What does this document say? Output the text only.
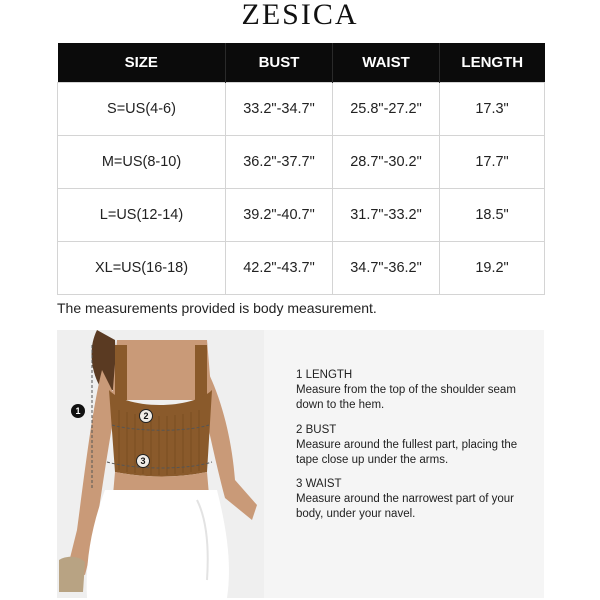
ZESICA
SIZE	BUST	WAIST	LENGTH
S=US(4-6)	33.2"-34.7"	25.8"-27.2"	17.3"
M=US(8-10)	36.2"-37.7"	28.7"-30.2"	17.7"
L=US(12-14)	39.2"-40.7"	31.7"-33.2"	18.5"
XL=US(16-18)	42.2"-43.7"	34.7"-36.2"	19.2"
The measurements provided is body measurement.
1	2
3
1 LENGTH
Measure from the top of the shoulder seam down to the hem.
2 BUST
Measure around the fullest part, placing the tape close up under the arms.
3 WAIST
Measure around the narrowest part of your body, under your navel.
